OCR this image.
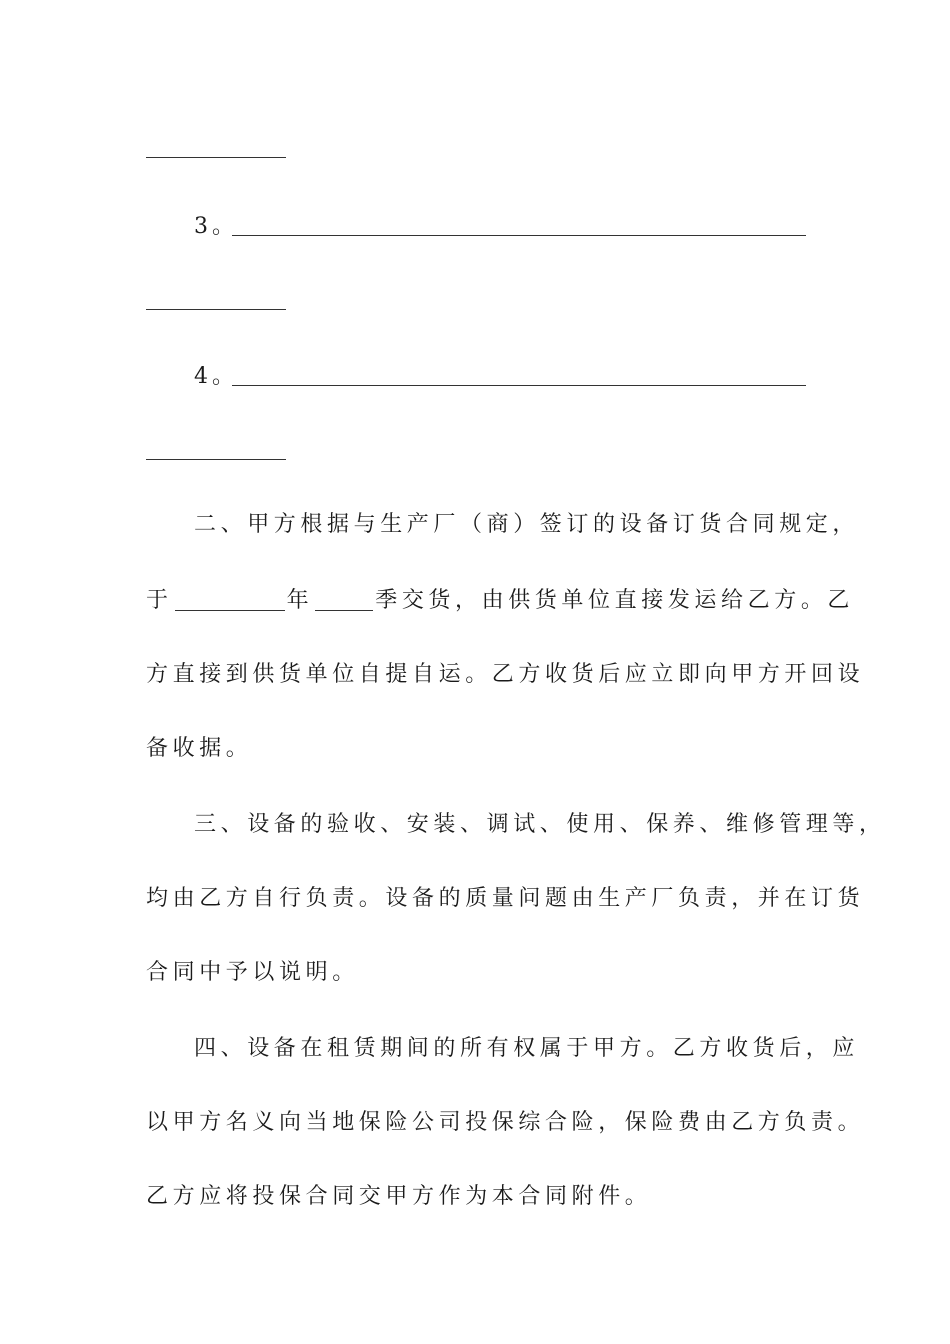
3。
4。
二、甲方根据与生产厂（商）签订的设备订货合同规定，
于	年	季交货，由供货单位直接发运给乙方。乙
方直接到供货单位自提自运。乙方收货后应立即向甲方开回设
备收据。
三、设备的验收、安装、调试、使用、保养、维修管理等，
均由乙方自行负责。设备的质量问题由生产厂负责，并在订货
合同中予以说明。
四、设备在租赁期间的所有权属于甲方。乙方收货后，应
以甲方名义向当地保险公司投保综合险，保险费由乙方负责。
乙方应将投保合同交甲方作为本合同附件。
